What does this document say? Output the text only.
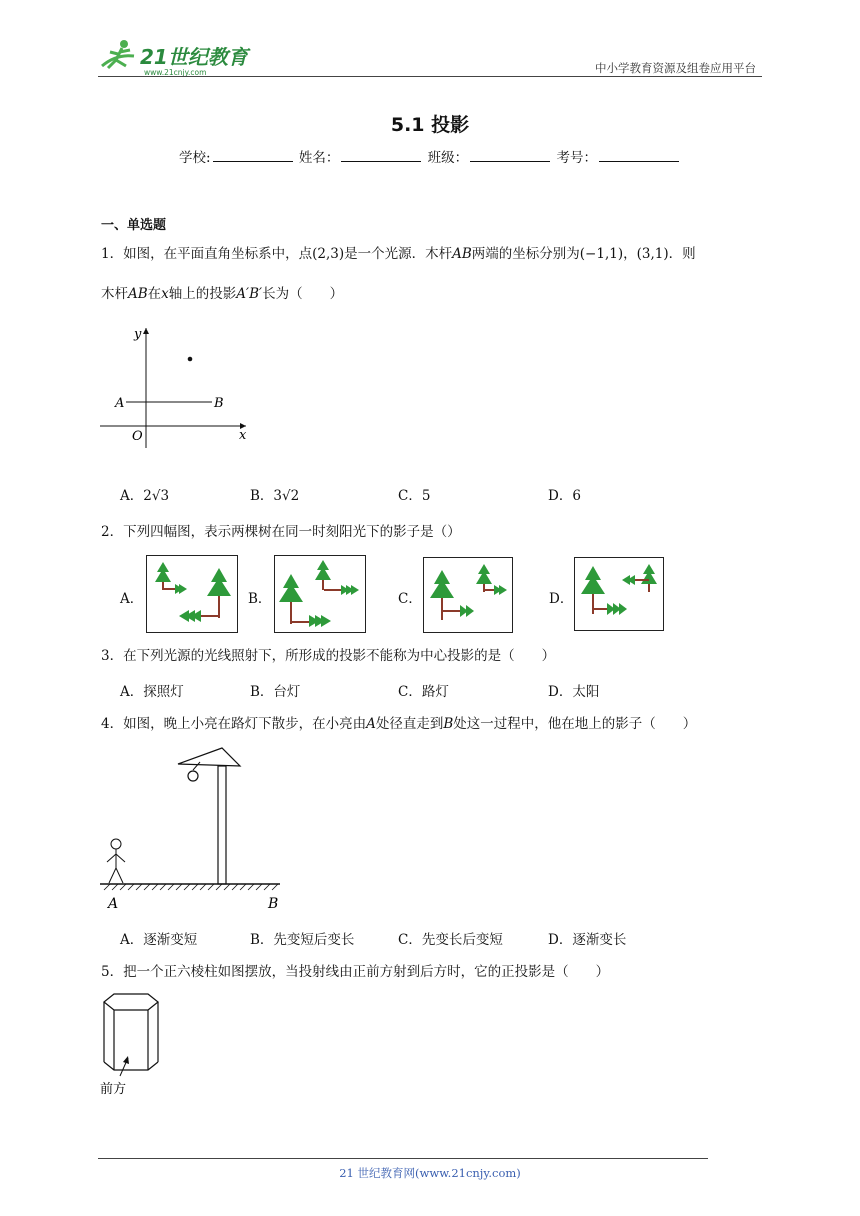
21世纪教育
www.21cnjy.com	中小学教育资源及组卷应用平台
5.1 投影
学校:	姓名：	班级：	考号：
一、单选题
1．如图，在平面直角坐标系中，点(2,3)是一个光源．木杆AB两端的坐标分别为(−1,1)，(3,1)．则
木杆AB在x轴上的投影A′B′长为（　　）
y
x
O
A	B
A．2√3	B．3√2	C．5	D．6
2．下列四幅图，表示两棵树在同一时刻阳光下的影子是（）
A．	B．	C．	D．
3．在下列光源的光线照射下，所形成的投影不能称为中心投影的是（　　）
A．探照灯	B．台灯	C．路灯	D．太阳
4．如图，晚上小亮在路灯下散步，在小亮由A处径直走到B处这一过程中，他在地上的影子（　　）
A	B
A．逐渐变短	B．先变短后变长	C．先变长后变短	D．逐渐变长
5．把一个正六棱柱如图摆放，当投射线由正前方射到后方时，它的正投影是（　　）
前方
21 世纪教育网(www.21cnjy.com)
